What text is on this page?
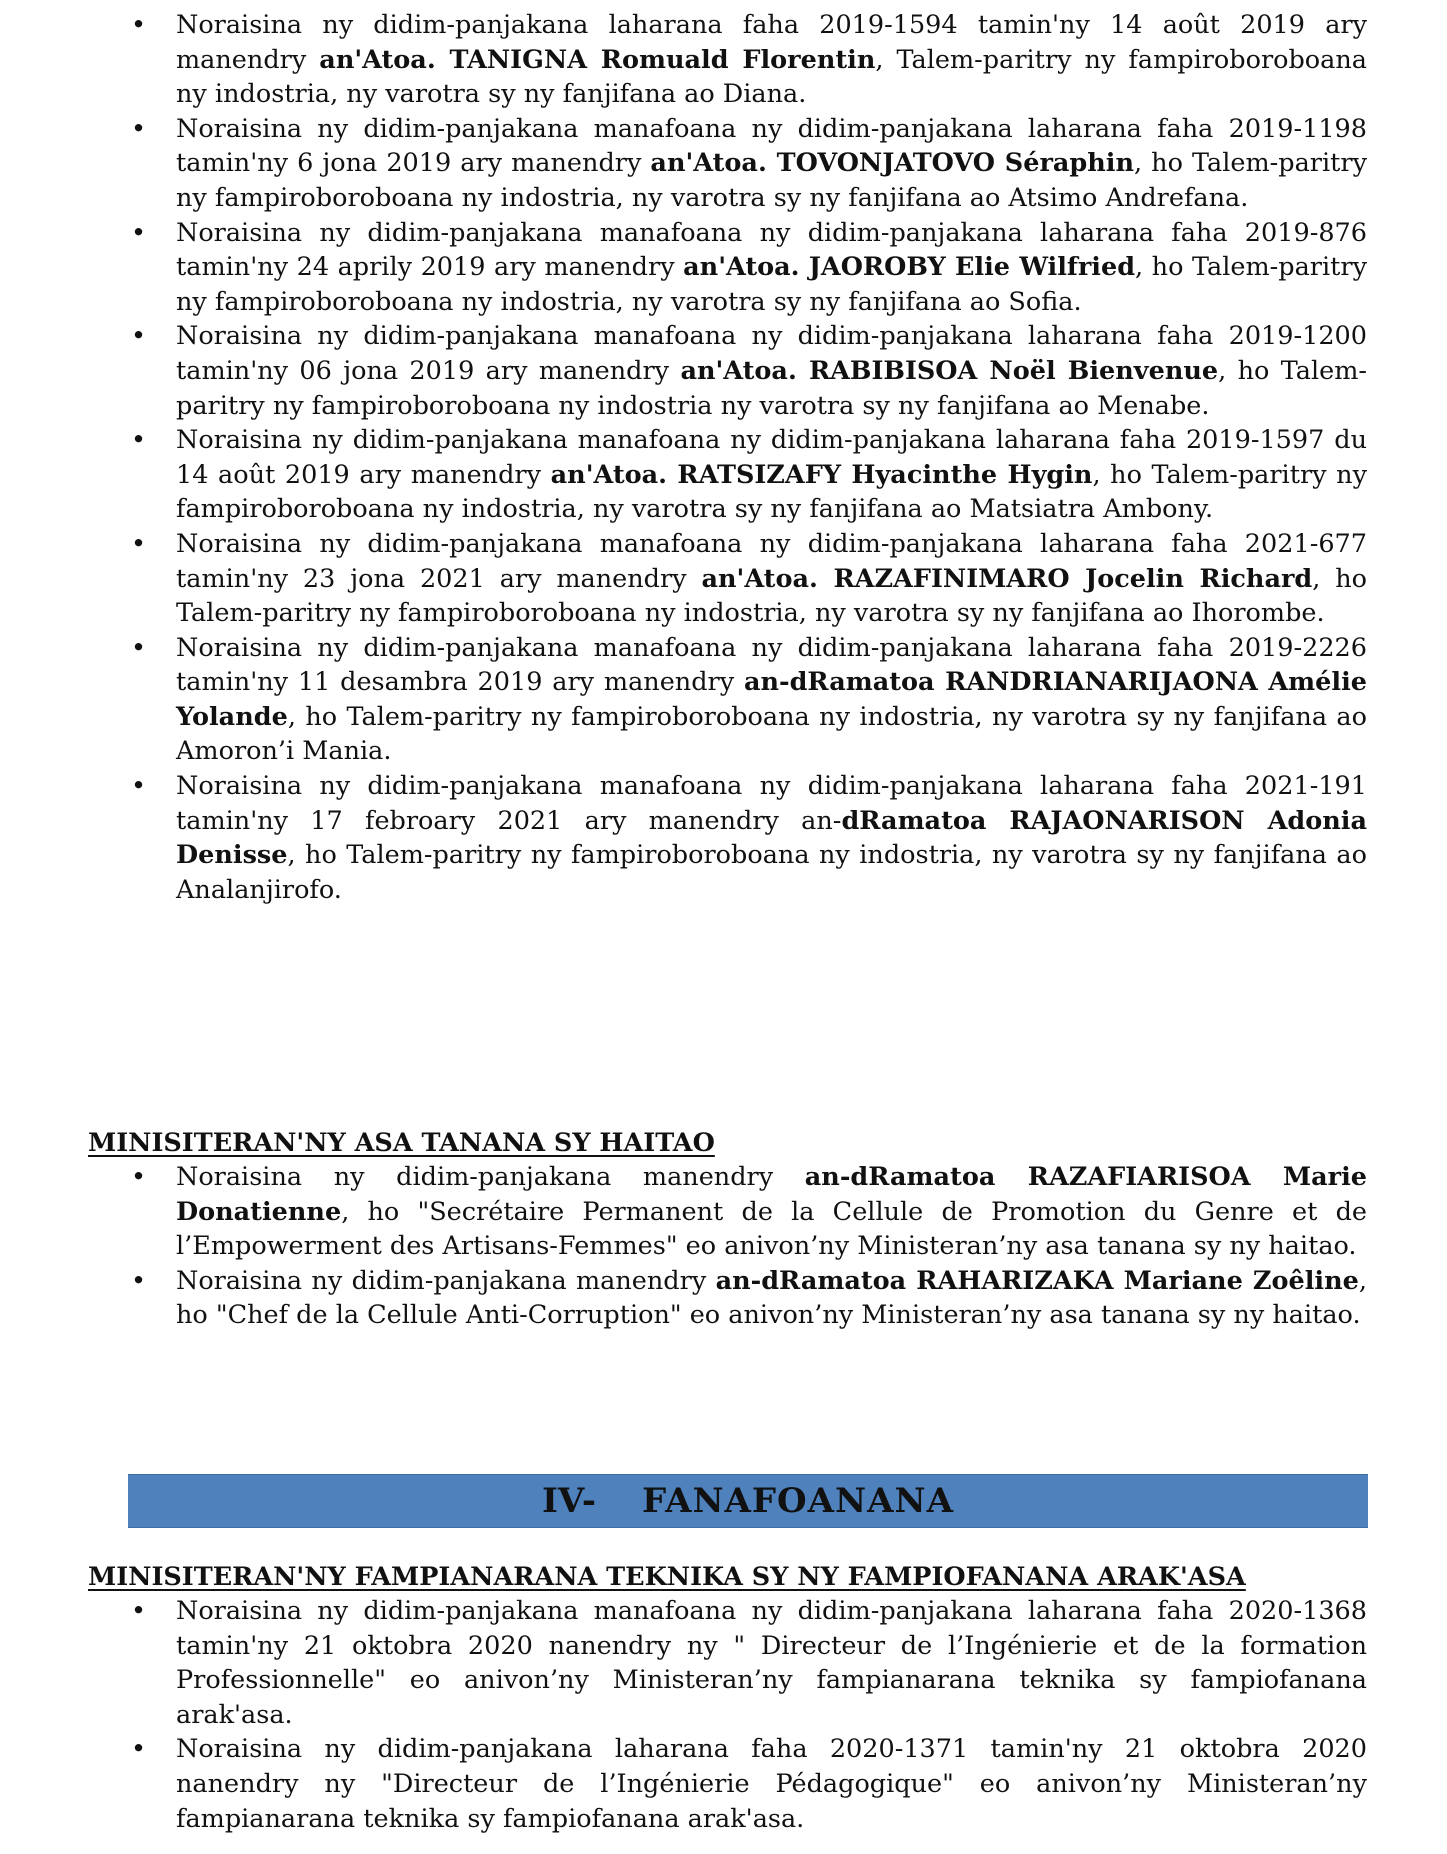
• Noraisina ny didim-panjakana laharana faha 2019-1594 tamin'ny 14 août 2019 ary manendry an'Atoa. TANIGNA Romuald Florentin, Talem-paritry ny fampiroboroboana ny indostria, ny varotra sy ny fanjifana ao Diana.
• Noraisina ny didim-panjakana manafoana ny didim-panjakana laharana faha 2019-1198 tamin'ny 6 jona 2019 ary manendry an'Atoa. TOVONJATOVO Séraphin, ho Talem-paritry ny fampiroboroboana ny indostria, ny varotra sy ny fanjifana ao Atsimo Andrefana.
• Noraisina ny didim-panjakana manafoana ny didim-panjakana laharana faha 2019-876 tamin'ny 24 aprily 2019 ary manendry an'Atoa. JAOROBY Elie Wilfried, ho Talem-paritry ny fampiroboroboana ny indostria, ny varotra sy ny fanjifana ao Sofia.
• Noraisina ny didim-panjakana manafoana ny didim-panjakana laharana faha 2019-1200 tamin'ny 06 jona 2019 ary manendry an'Atoa. RABIBISOA Noël Bienvenue, ho Talem-paritry ny fampiroboroboana ny indostria ny varotra sy ny fanjifana ao Menabe.
• Noraisina ny didim-panjakana manafoana ny didim-panjakana laharana faha 2019-1597 du 14 août 2019 ary manendry an'Atoa. RATSIZAFY Hyacinthe Hygin, ho Talem-paritry ny fampiroboroboana ny indostria, ny varotra sy ny fanjifana ao Matsiatra Ambony.
• Noraisina ny didim-panjakana manafoana ny didim-panjakana laharana faha 2021-677 tamin'ny 23 jona 2021 ary manendry an'Atoa. RAZAFINIMARO Jocelin Richard, ho Talem-paritry ny fampiroboroboana ny indostria, ny varotra sy ny fanjifana ao Ihorombe.
• Noraisina ny didim-panjakana manafoana ny didim-panjakana laharana faha 2019-2226 tamin'ny 11 desambra 2019 ary manendry an-dRamatoa RANDRIANARIJAONA Amélie Yolande, ho Talem-paritry ny fampiroboroboana ny indostria, ny varotra sy ny fanjifana ao Amoron’i Mania.
• Noraisina ny didim-panjakana manafoana ny didim-panjakana laharana faha 2021-191 tamin'ny 17 febroary 2021 ary manendry an-dRamatoa RAJAONARISON Adonia Denisse, ho Talem-paritry ny fampiroboroboana ny indostria, ny varotra sy ny fanjifana ao Analanjirofo.
MINISITERAN'NY ASA TANANA SY HAITAO
• Noraisina ny didim-panjakana manendry an-dRamatoa RAZAFIARISOA Marie Donatienne, ho "Secrétaire Permanent de la Cellule de Promotion du Genre et de l’Empowerment des Artisans-Femmes" eo anivon’ny Ministeran’ny asa tanana sy ny haitao.
• Noraisina ny didim-panjakana manendry an-dRamatoa RAHARIZAKA Mariane Zoêline, ho "Chef de la Cellule Anti-Corruption" eo anivon’ny Ministeran’ny asa tanana sy ny haitao.
IV- FANAFOANANA
MINISITERAN'NY FAMPIANARANA TEKNIKA SY NY FAMPIOFANANA ARAK'ASA
• Noraisina ny didim-panjakana manafoana ny didim-panjakana laharana faha 2020-1368 tamin'ny 21 oktobra 2020 nanendry ny " Directeur de l’Ingénierie et de la formation Professionnelle" eo anivon’ny Ministeran’ny fampianarana teknika sy fampiofanana arak'asa.
• Noraisina ny didim-panjakana laharana faha 2020-1371 tamin'ny 21 oktobra 2020 nanendry ny "Directeur de l’Ingénierie Pédagogique" eo anivon’ny Ministeran’ny fampianarana teknika sy fampiofanana arak'asa.
